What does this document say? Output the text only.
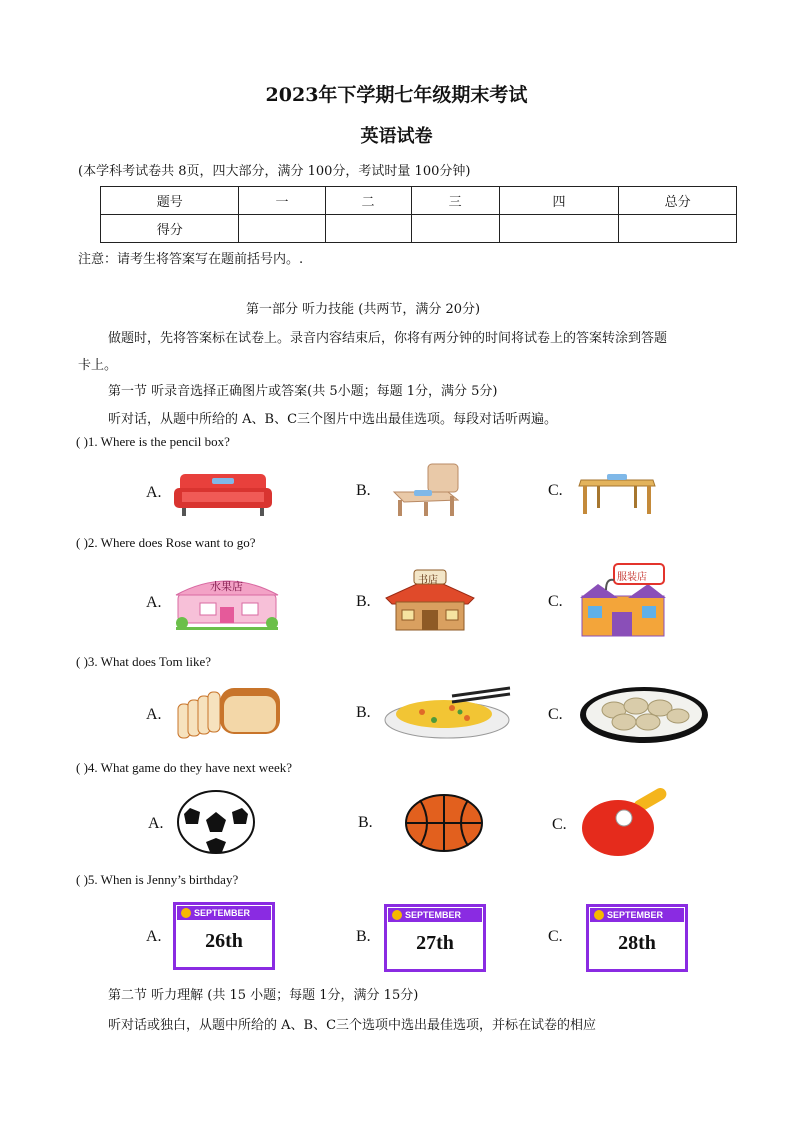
2023年下学期七年级期末考试
英语试卷
(本学科考试卷共 8页，四大部分，满分 100分，考试时量 100分钟)
题号	一	二	三	四	总分
得分					
注意：请考生将答案写在题前括号内。.
第一部分 听力技能 (共两节，满分 20分)
做题时，先将答案标在试卷上。录音内容结束后，你将有两分钟的时间将试卷上的答案转涂到答题
卡上。
第一节 听录音选择正确图片或答案(共 5小题；每题 1分，满分 5分)
听对话，从题中所给的 A、B、C三个图片中选出最佳选项。每段对话听两遍。
( )1. Where is the pencil box?
A.	B.	C.
( )2. Where does Rose want to go?
A.	B.	C.
水果店	书店	服装店
( )3. What does Tom like?
A.	B.	C.
( )4. What game do they have next week?
A.	B.	C.
( )5. When is Jenny’s birthday?
A.	B.	C.
SEPTEMBER
26th
SEPTEMBER
27th
SEPTEMBER
28th
第二节 听力理解 (共 15 小题；每题 1分，满分 15分)
听对话或独白，从题中所给的 A、B、C三个选项中选出最佳选项，并标在试卷的相应
